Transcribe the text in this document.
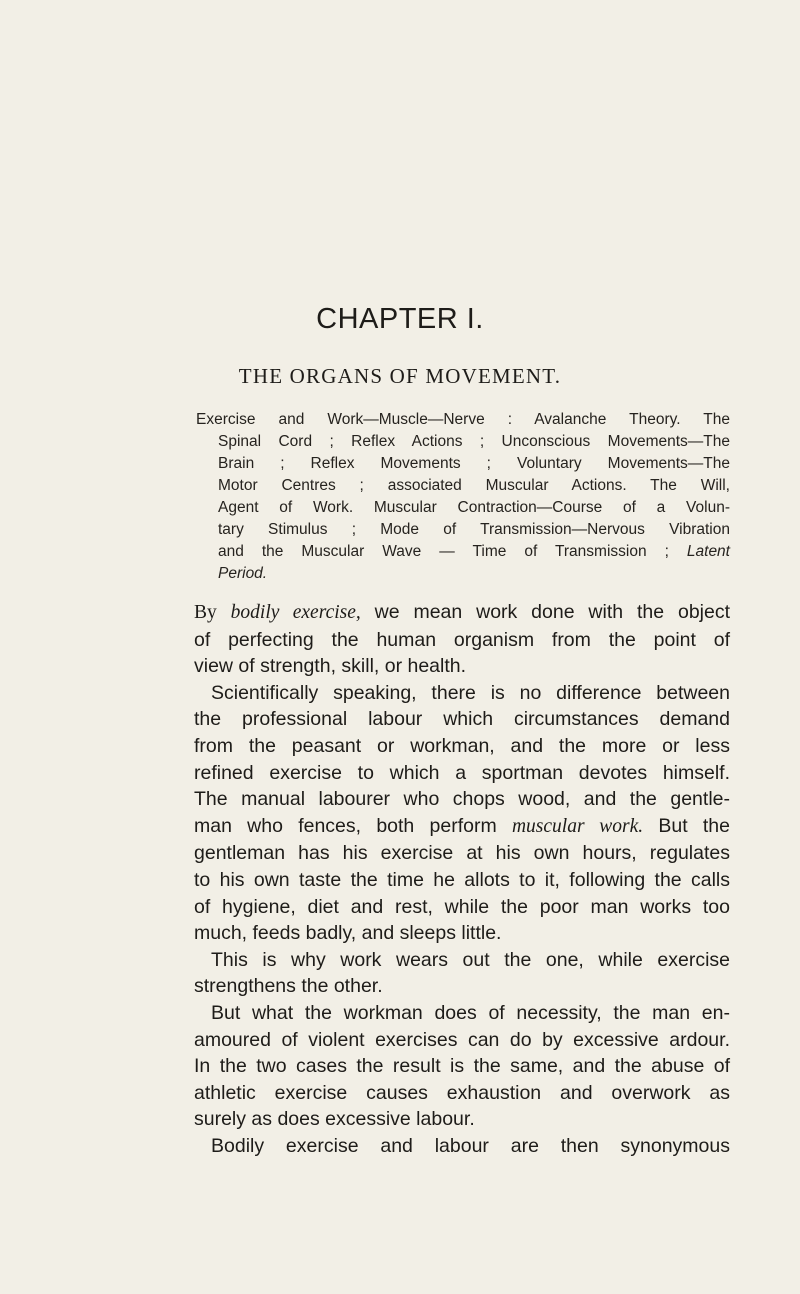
CHAPTER I.
THE ORGANS OF MOVEMENT.
Exercise and Work—Muscle—Nerve : Avalanche Theory. The
Spinal Cord ; Reflex Actions ; Unconscious Movements—The
Brain ; Reflex Movements ; Voluntary Movements—The
Motor Centres ; associated Muscular Actions. The Will,
Agent of Work. Muscular Contraction—Course of a Volun-
tary Stimulus ; Mode of Transmission—Nervous Vibration
and the Muscular Wave — Time of Transmission ; Latent
Period.
By bodily exercise, we mean work done with the object
of perfecting the human organism from the point of
view of strength, skill, or health.
Scientifically speaking, there is no difference between
the professional labour which circumstances demand
from the peasant or workman, and the more or less
refined exercise to which a sportman devotes himself.
The manual labourer who chops wood, and the gentle-
man who fences, both perform muscular work. But the
gentleman has his exercise at his own hours, regulates
to his own taste the time he allots to it, following the calls
of hygiene, diet and rest, while the poor man works too
much, feeds badly, and sleeps little.
This is why work wears out the one, while exercise
strengthens the other.
But what the workman does of necessity, the man en-
amoured of violent exercises can do by excessive ardour.
In the two cases the result is the same, and the abuse of
athletic exercise causes exhaustion and overwork as
surely as does excessive labour.
Bodily exercise and labour are then synonymous
